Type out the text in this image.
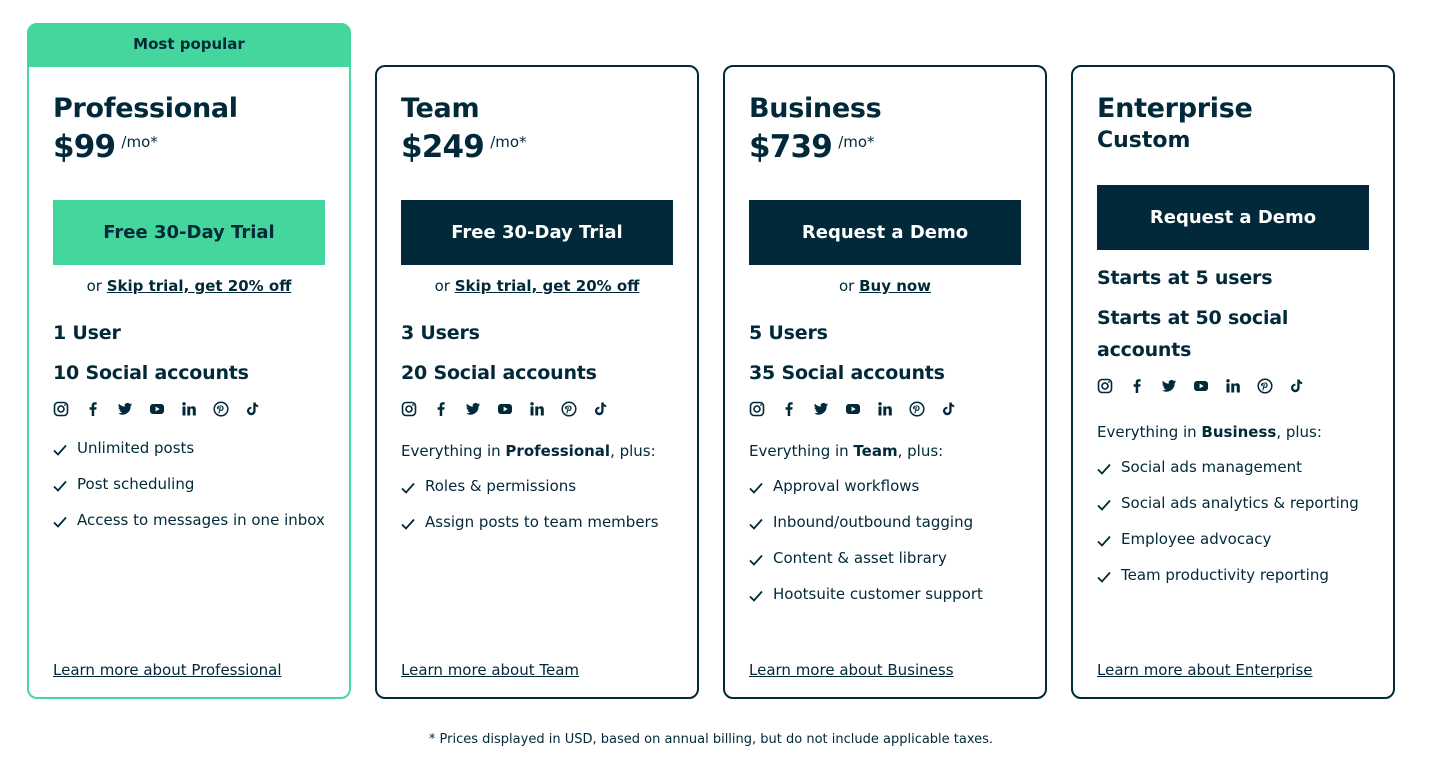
Most popular
Professional
$99 /mo*
Free 30-Day Trial
or Skip trial, get 20% off
1 User
10 Social accounts
Unlimited posts
Post scheduling
Access to messages in one inbox
Learn more about Professional
Team
$249 /mo*
Free 30-Day Trial
or Skip trial, get 20% off
3 Users
20 Social accounts
Everything in Professional, plus:
Roles & permissions
Assign posts to team members
Learn more about Team
Business
$739 /mo*
Request a Demo
or Buy now
5 Users
35 Social accounts
Everything in Team, plus:
Approval workflows
Inbound/outbound tagging
Content & asset library
Hootsuite customer support
Learn more about Business
Enterprise
Custom
Request a Demo
Starts at 5 users
Starts at 50 social accounts
Everything in Business, plus:
Social ads management
Social ads analytics & reporting
Employee advocacy
Team productivity reporting
Learn more about Enterprise
* Prices displayed in USD, based on annual billing, but do not include applicable taxes.
